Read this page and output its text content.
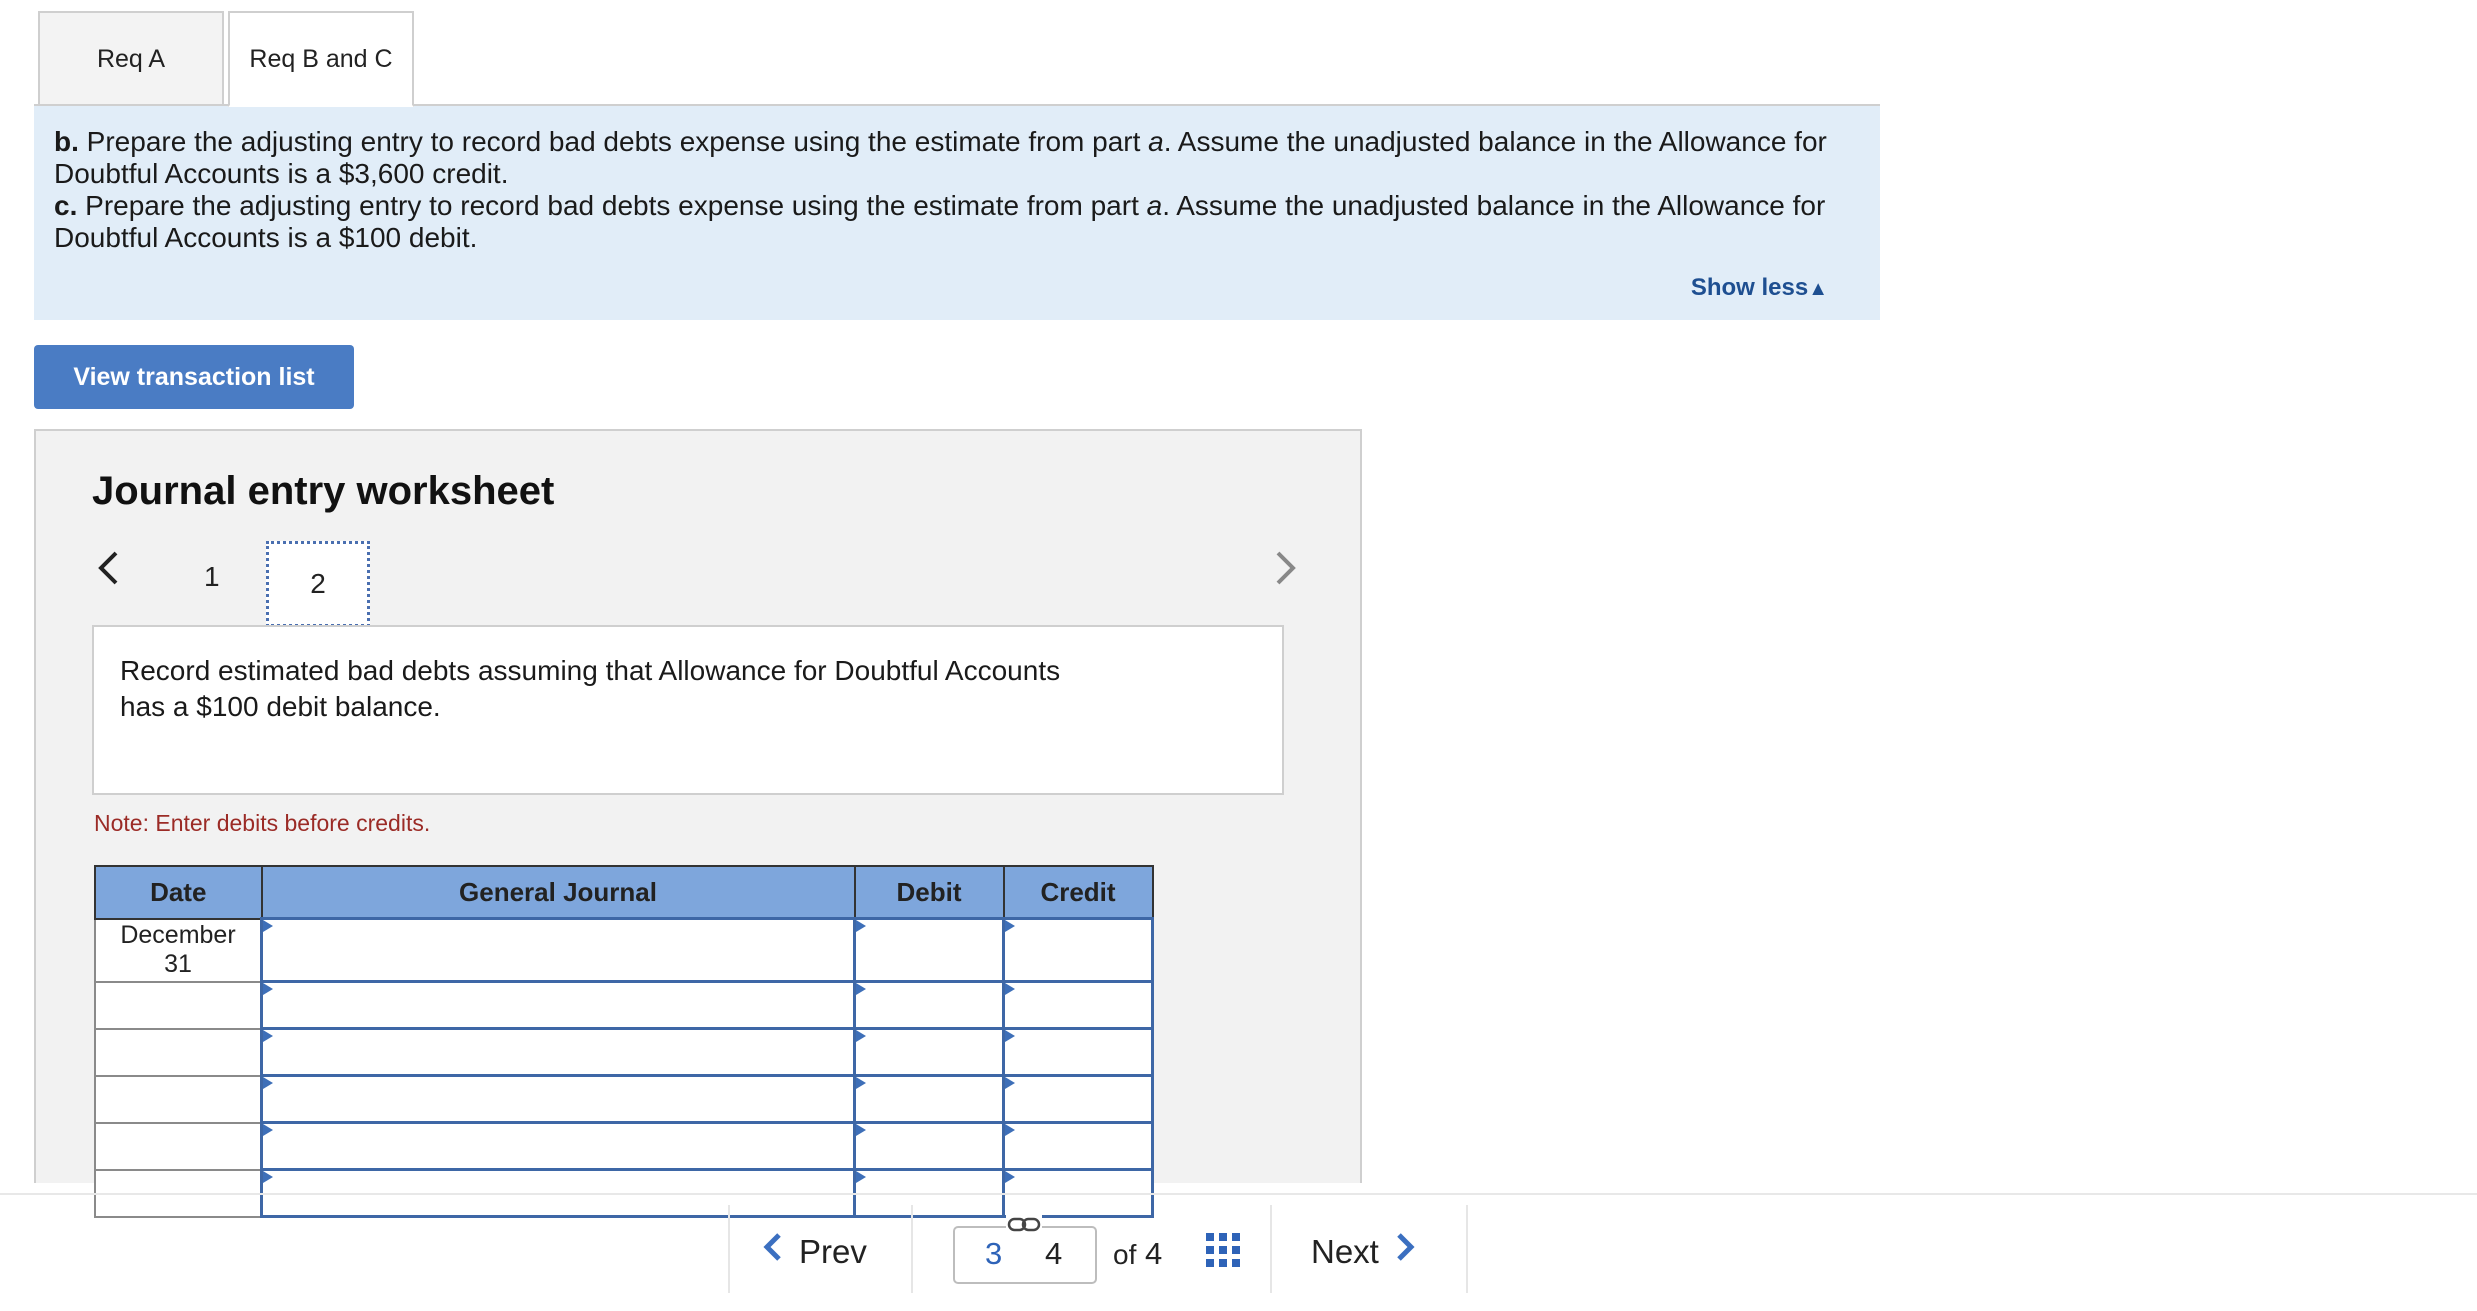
Req A	Req B and C

b. Prepare the adjusting entry to record bad debts expense using the estimate from part a. Assume the unadjusted balance in the Allowance for Doubtful Accounts is a $3,600 credit.

c. Prepare the adjusting entry to record bad debts expense using the estimate from part a. Assume the unadjusted balance in the Allowance for Doubtful Accounts is a $100 debit.

Show less▲
View transaction list
Journal entry worksheet
1	2
Record estimated bad debts assuming that Allowance for Doubtful Accounts
has a $100 debit balance.
Note: Enter debits before credits.
Date	General Journal	Debit	Credit
December
31	

Prev	3 4 of 4	Next
